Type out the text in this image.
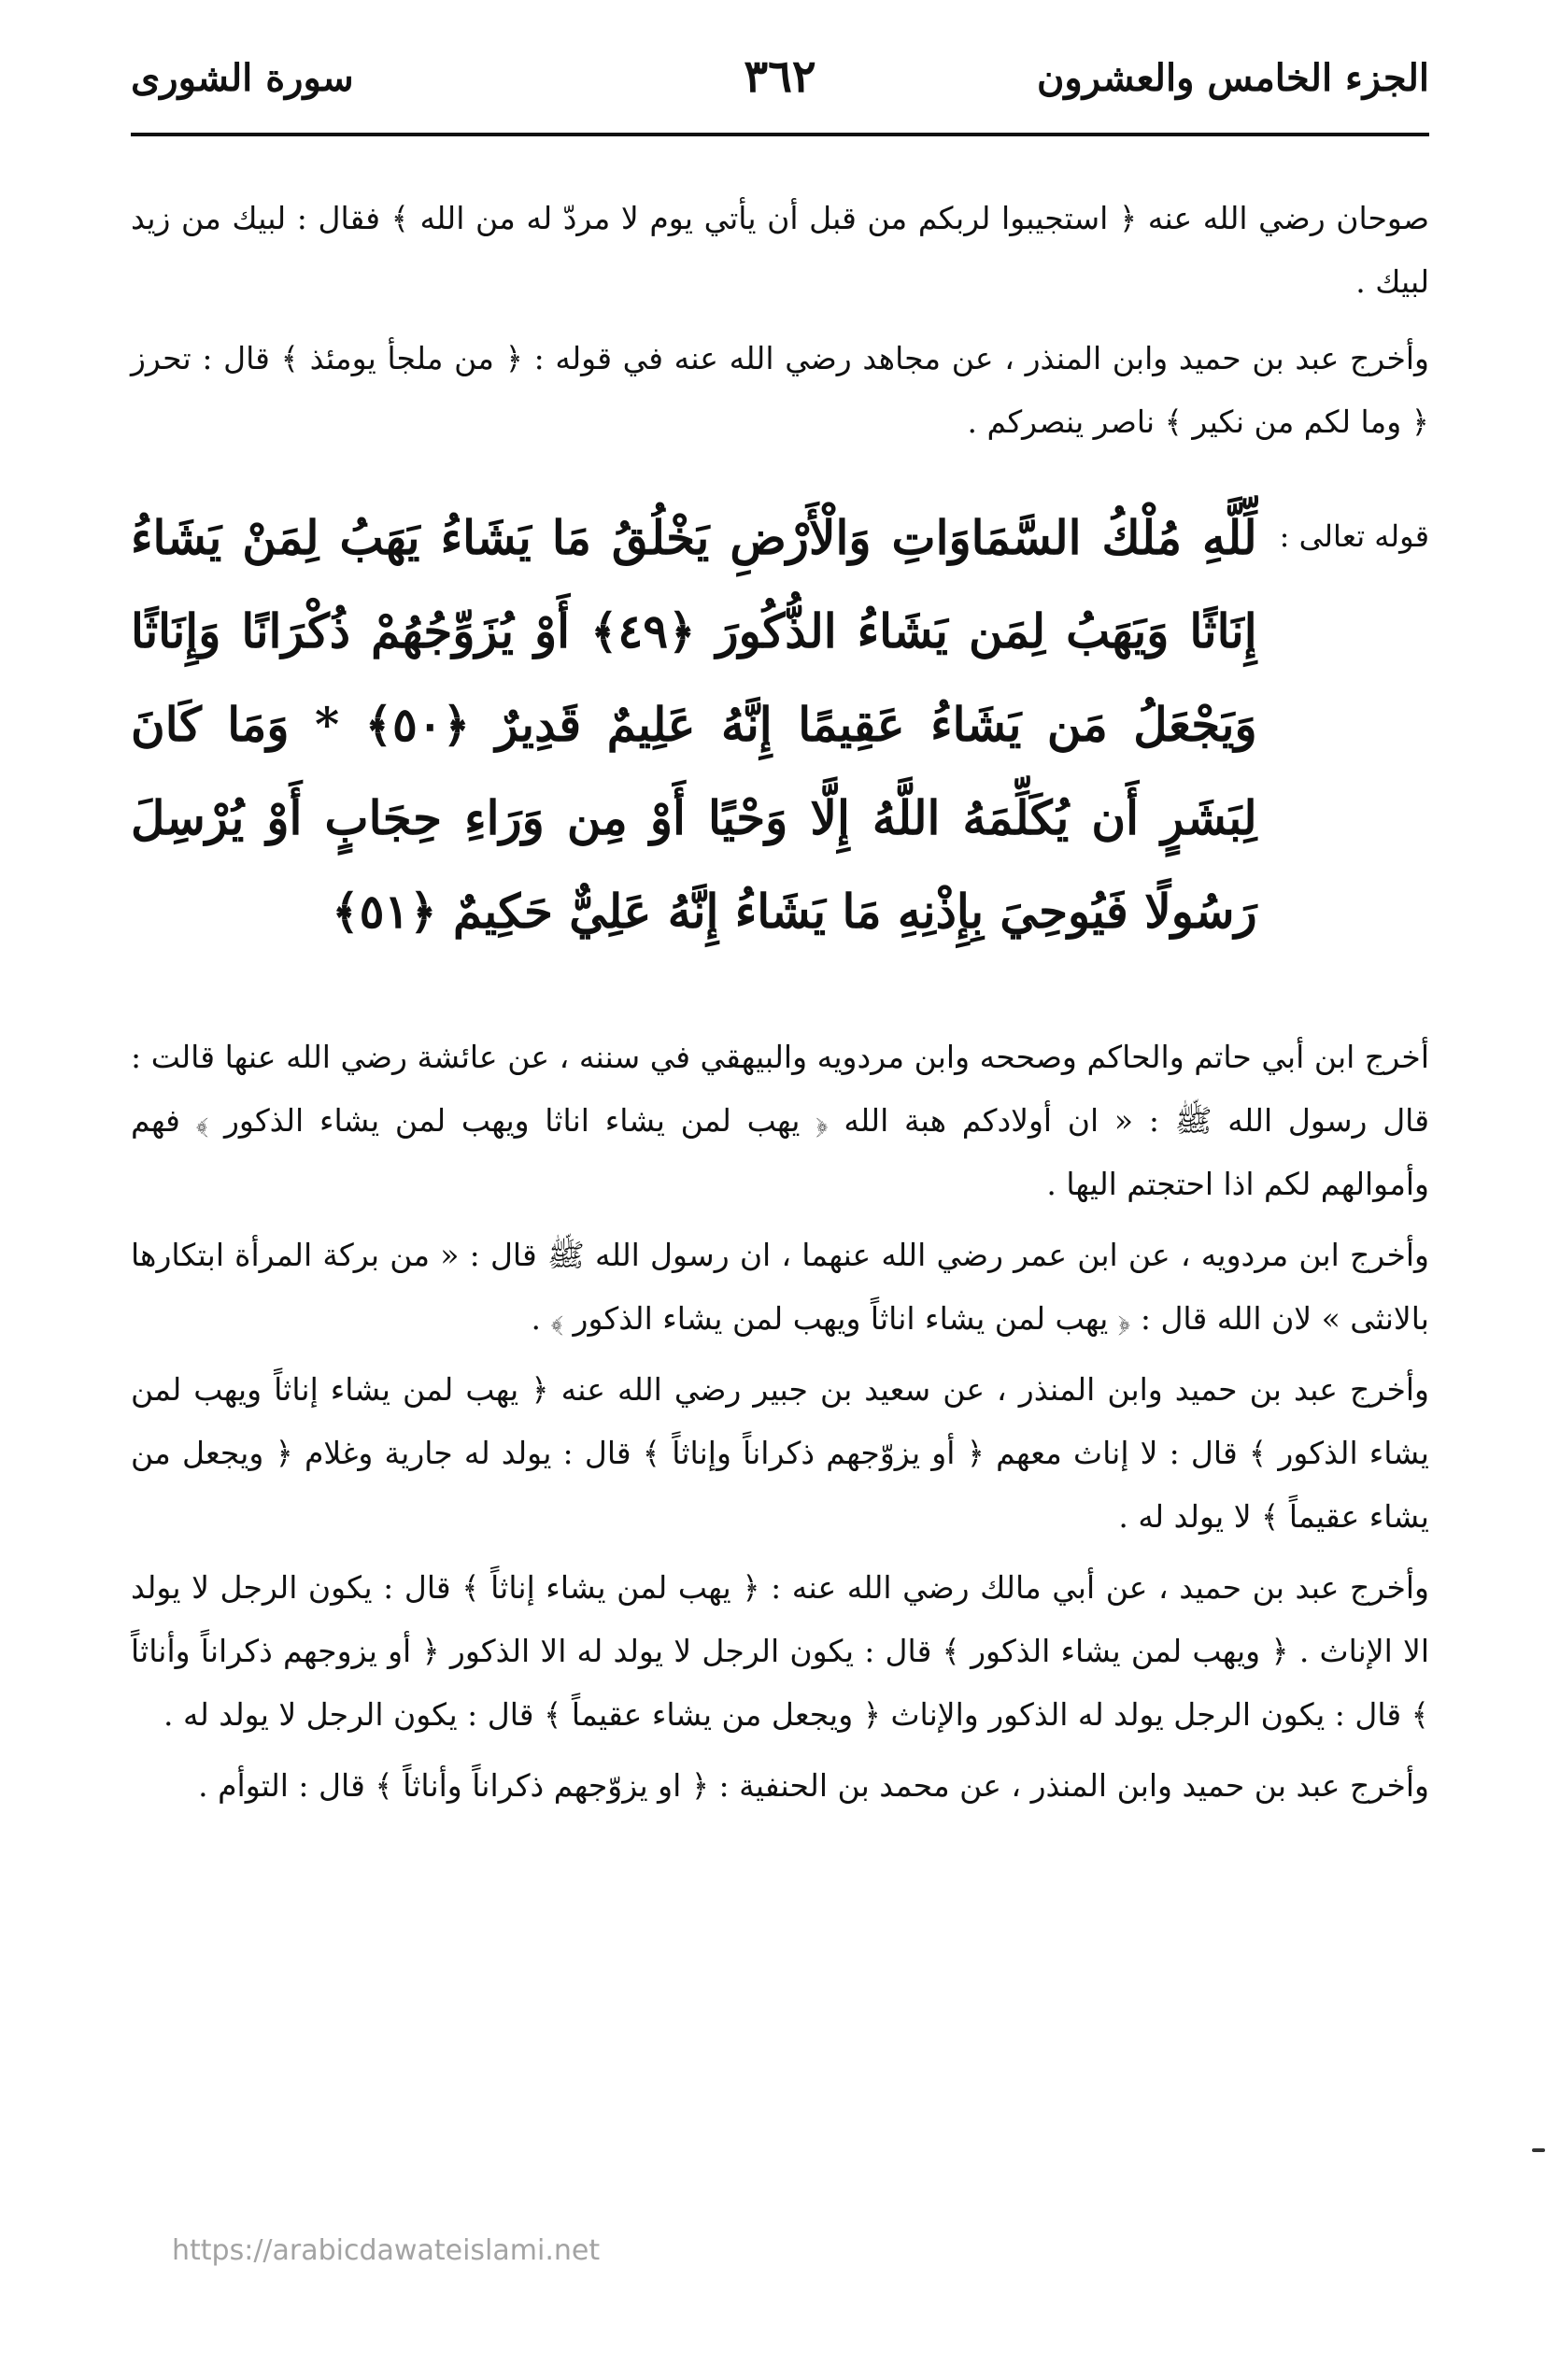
الجزء الخامس والعشرون
٣٦٢
سورة الشورى

صوحان رضي الله عنه ﴿ استجيبوا لربكم من قبل أن يأتي يوم لا مردّ له من الله ﴾ فقال : لبيك من زيد لبيك .

وأخرج عبد بن حميد وابن المنذر ، عن مجاهد رضي الله عنه في قوله : ﴿ من ملجأ يومئذ ﴾ قال : تحرز ﴿ وما لكم من نكير ﴾ ناصر ينصركم .

قوله تعالى :
لِّلَّهِ مُلْكُ السَّمَاوَاتِ وَالْأَرْضِ يَخْلُقُ مَا يَشَاءُ يَهَبُ لِمَنْ يَشَاءُ إِنَاثًا وَيَهَبُ لِمَن يَشَاءُ الذُّكُورَ ﴿٤٩﴾ أَوْ يُزَوِّجُهُمْ ذُكْرَانًا وَإِنَاثًا وَيَجْعَلُ مَن يَشَاءُ عَقِيمًا إِنَّهُ عَلِيمٌ قَدِيرٌ ﴿٥٠﴾ * وَمَا كَانَ لِبَشَرٍ أَن يُكَلِّمَهُ اللَّهُ إِلَّا وَحْيًا أَوْ مِن وَرَاءِ حِجَابٍ أَوْ يُرْسِلَ رَسُولًا فَيُوحِيَ بِإِذْنِهِ مَا يَشَاءُ إِنَّهُ عَلِيٌّ حَكِيمٌ ﴿٥١﴾

أخرج ابن أبي حاتم والحاكم وصححه وابن مردويه والبيهقي في سننه ، عن عائشة رضي الله عنها قالت : قال رسول الله ﷺ : « ان أولادكم هبة الله ﴿ يهب لمن يشاء اناثا ويهب لمن يشاء الذكور ﴾ فهم وأموالهم لكم اذا احتجتم اليها .

وأخرج ابن مردويه ، عن ابن عمر رضي الله عنهما ، ان رسول الله ﷺ قال : « من بركة المرأة ابتكارها بالانثى » لان الله قال : ﴿ يهب لمن يشاء اناثاً ويهب لمن يشاء الذكور ﴾ .

وأخرج عبد بن حميد وابن المنذر ، عن سعيد بن جبير رضي الله عنه ﴿ يهب لمن يشاء إناثاً ويهب لمن يشاء الذكور ﴾ قال : لا إناث معهم ﴿ أو يزوّجهم ذكراناً وإناثاً ﴾ قال : يولد له جارية وغلام ﴿ ويجعل من يشاء عقيماً ﴾ لا يولد له .

وأخرج عبد بن حميد ، عن أبي مالك رضي الله عنه : ﴿ يهب لمن يشاء إناثاً ﴾ قال : يكون الرجل لا يولد الا الإناث . ﴿ ويهب لمن يشاء الذكور ﴾ قال : يكون الرجل لا يولد له الا الذكور ﴿ أو يزوجهم ذكراناً وأناثاً ﴾ قال : يكون الرجل يولد له الذكور والإناث ﴿ ويجعل من يشاء عقيماً ﴾ قال : يكون الرجل لا يولد له .

وأخرج عبد بن حميد وابن المنذر ، عن محمد بن الحنفية : ﴿ او يزوّجهم ذكراناً وأناثاً ﴾ قال : التوأم .

https://arabicdawateislami.net
